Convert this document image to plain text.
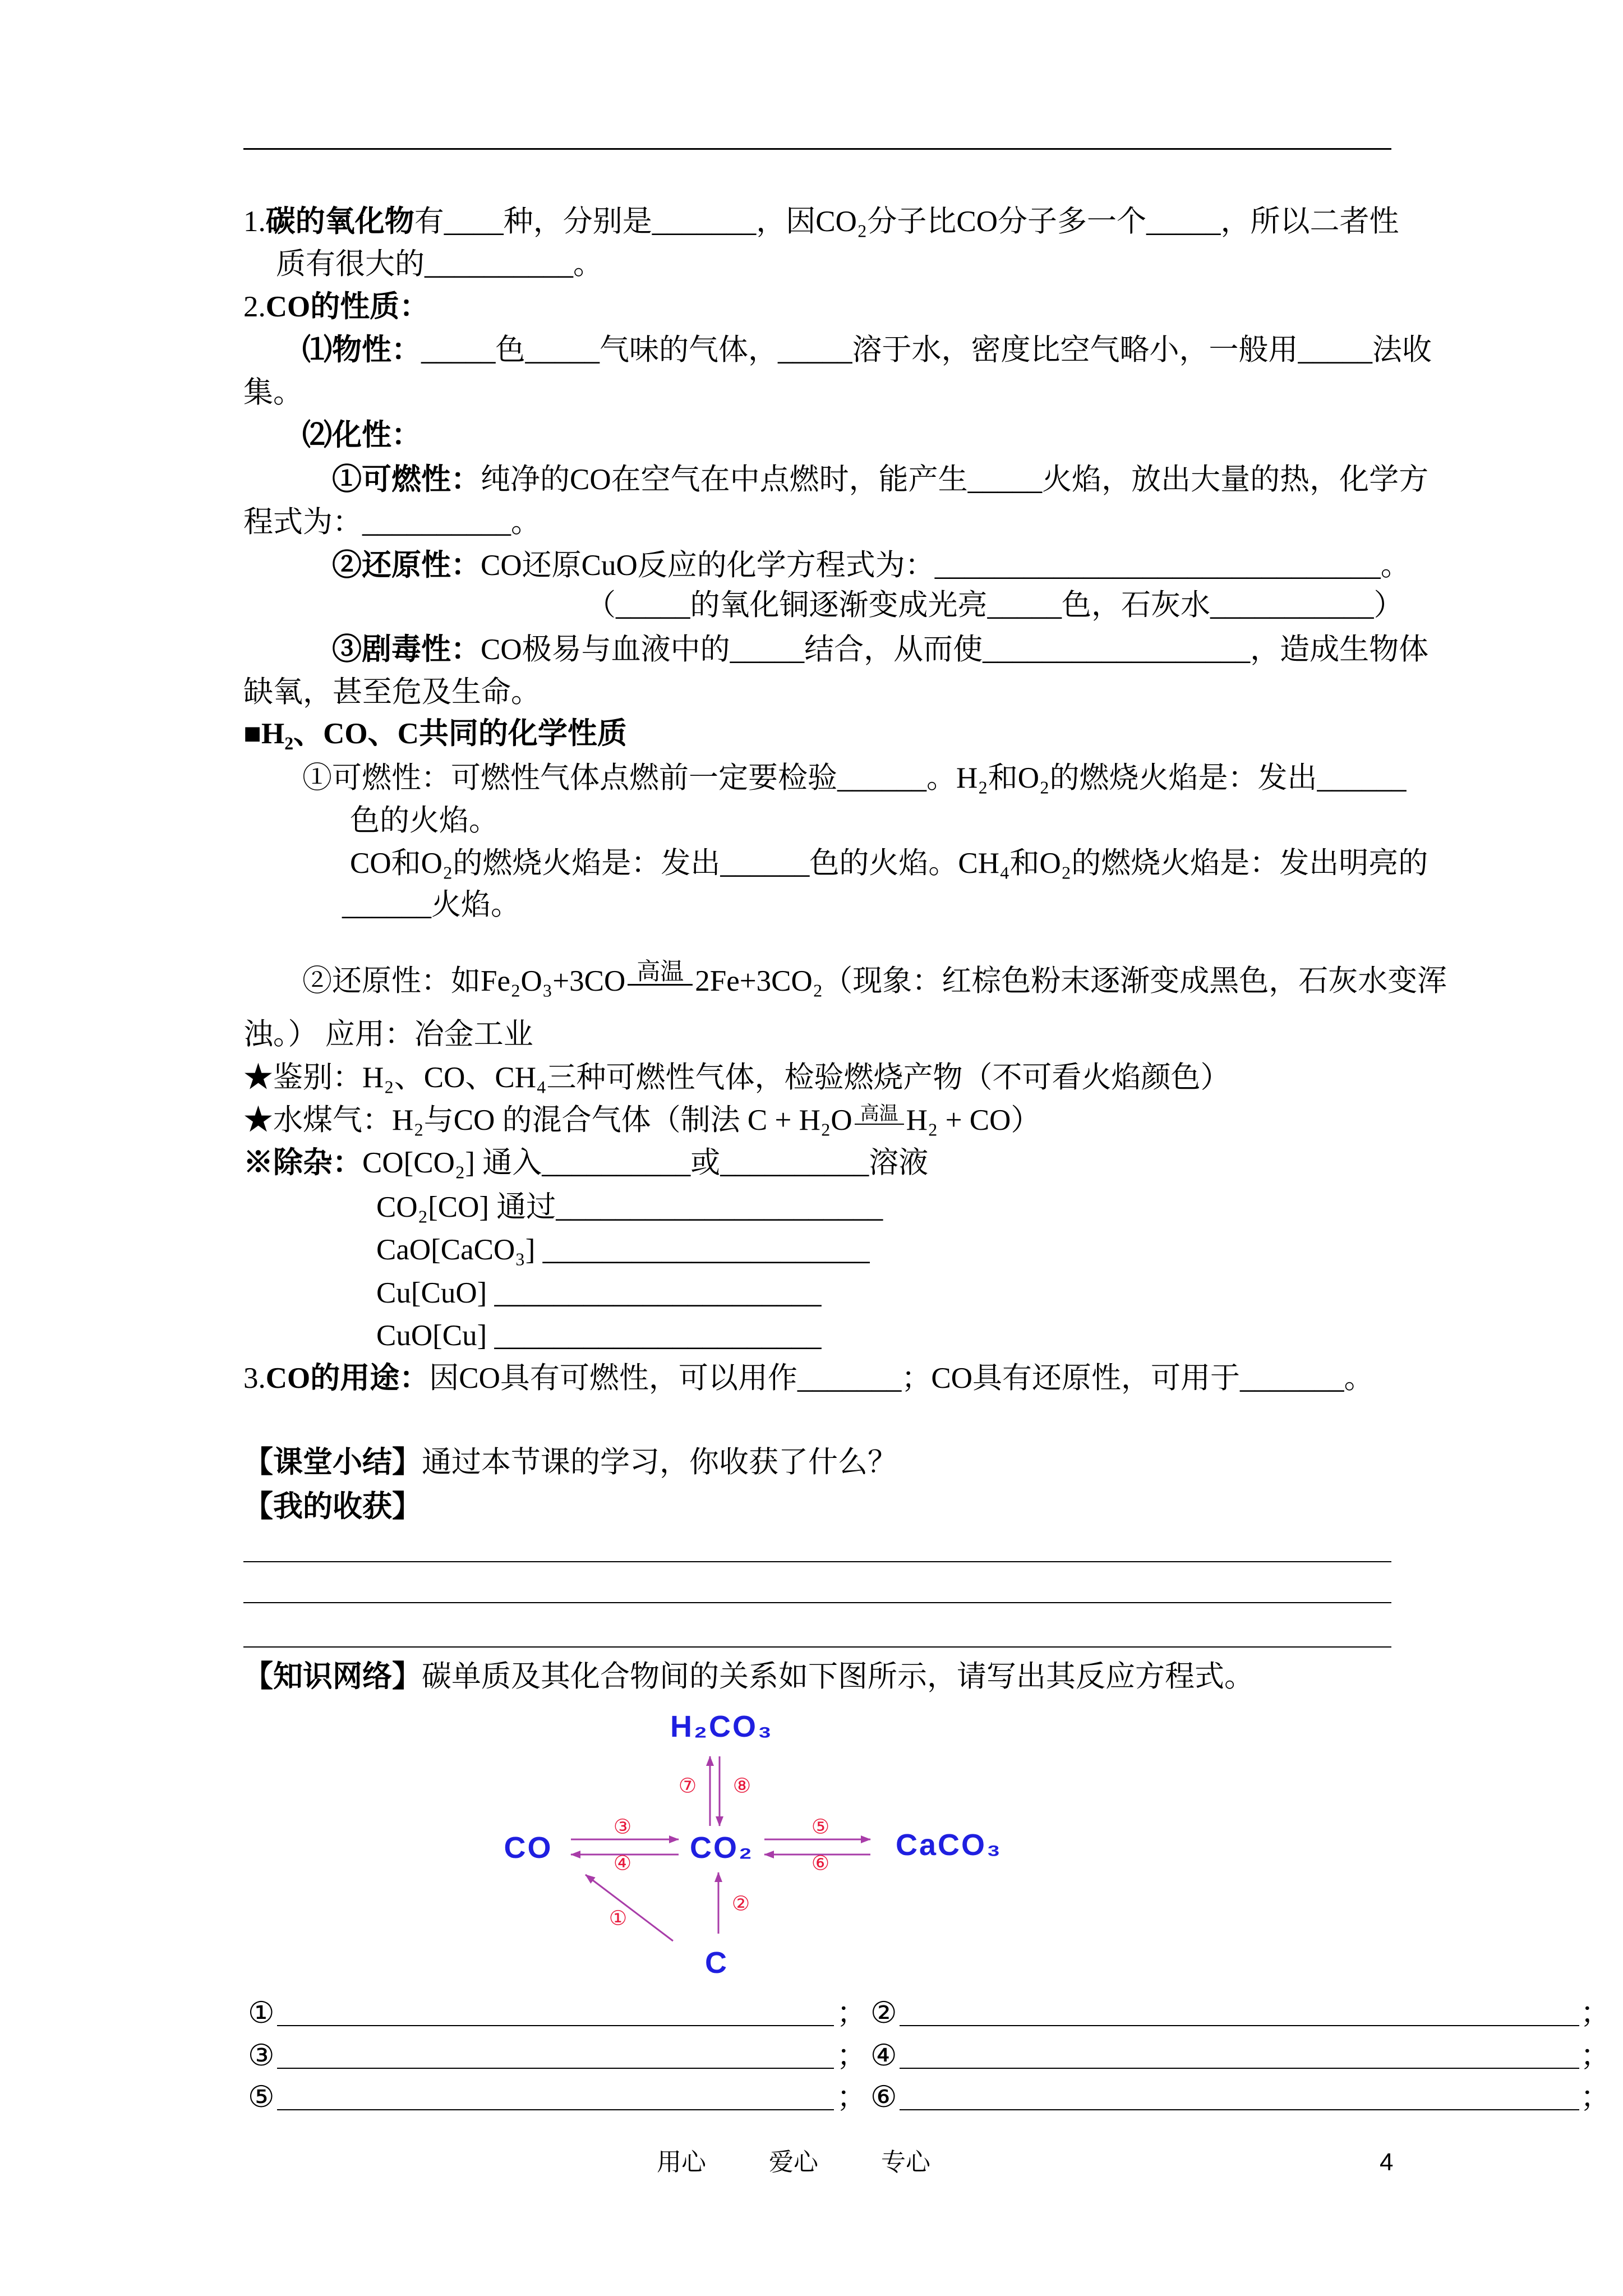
1.碳的氧化物有____种，分别是_______，因CO₂分子比CO分子多一个_____，所以二者性
质有很大的__________。
2.CO的性质：
⑴物性：_____色_____气味的气体，_____溶于水，密度比空气略小，一般用_____法收
集。
⑵化性：
①可燃性：纯净的CO在空气在中点燃时，能产生_____火焰，放出大量的热，化学方
程式为：__________。
②还原性：CO还原CuO反应的化学方程式为：______________________________。
（_____的氧化铜逐渐变成光亮_____色，石灰水___________）
③剧毒性：CO极易与血液中的_____结合，从而使__________________，造成生物体
缺氧，甚至危及生命。
■H₂、CO、C共同的化学性质
①可燃性：可燃性气体点燃前一定要检验______。H₂和O₂的燃烧火焰是：发出______
色的火焰。
CO和O₂的燃烧火焰是：发出______色的火焰。CH₄和O₂的燃烧火焰是：发出明亮的
______火焰。
②还原性：如Fe₂O₃+3CO 高温 2Fe+3CO₂（现象：红棕色粉末逐渐变成黑色，石灰水变浑
浊。） 应用：冶金工业
★鉴别：H₂、CO、CH₄三种可燃性气体，检验燃烧产物（不可看火焰颜色）
★水煤气：H₂与CO 的混合气体（制法 C + H₂O 高温 H₂ + CO）
※除杂：CO[CO₂] 通入__________或__________溶液
CO₂[CO] 通过______________________
CaO[CaCO₃] ______________________
Cu[CuO] ______________________
CuO[Cu] ______________________
3.CO的用途：因CO具有可燃性，可以用作_______；CO具有还原性，可用于_______。
【课堂小结】通过本节课的学习，你收获了什么？
【我的收获】
【知识网络】碳单质及其化合物间的关系如下图所示，请写出其反应方程式。
H₂CO₃
CO	CO₂	CaCO₃
C
①
②
③
④
⑤
⑥
⑦ ⑧
①	； ②	；
③	； ④	；
⑤	； ⑥	；
用心	爱心	专心	4
